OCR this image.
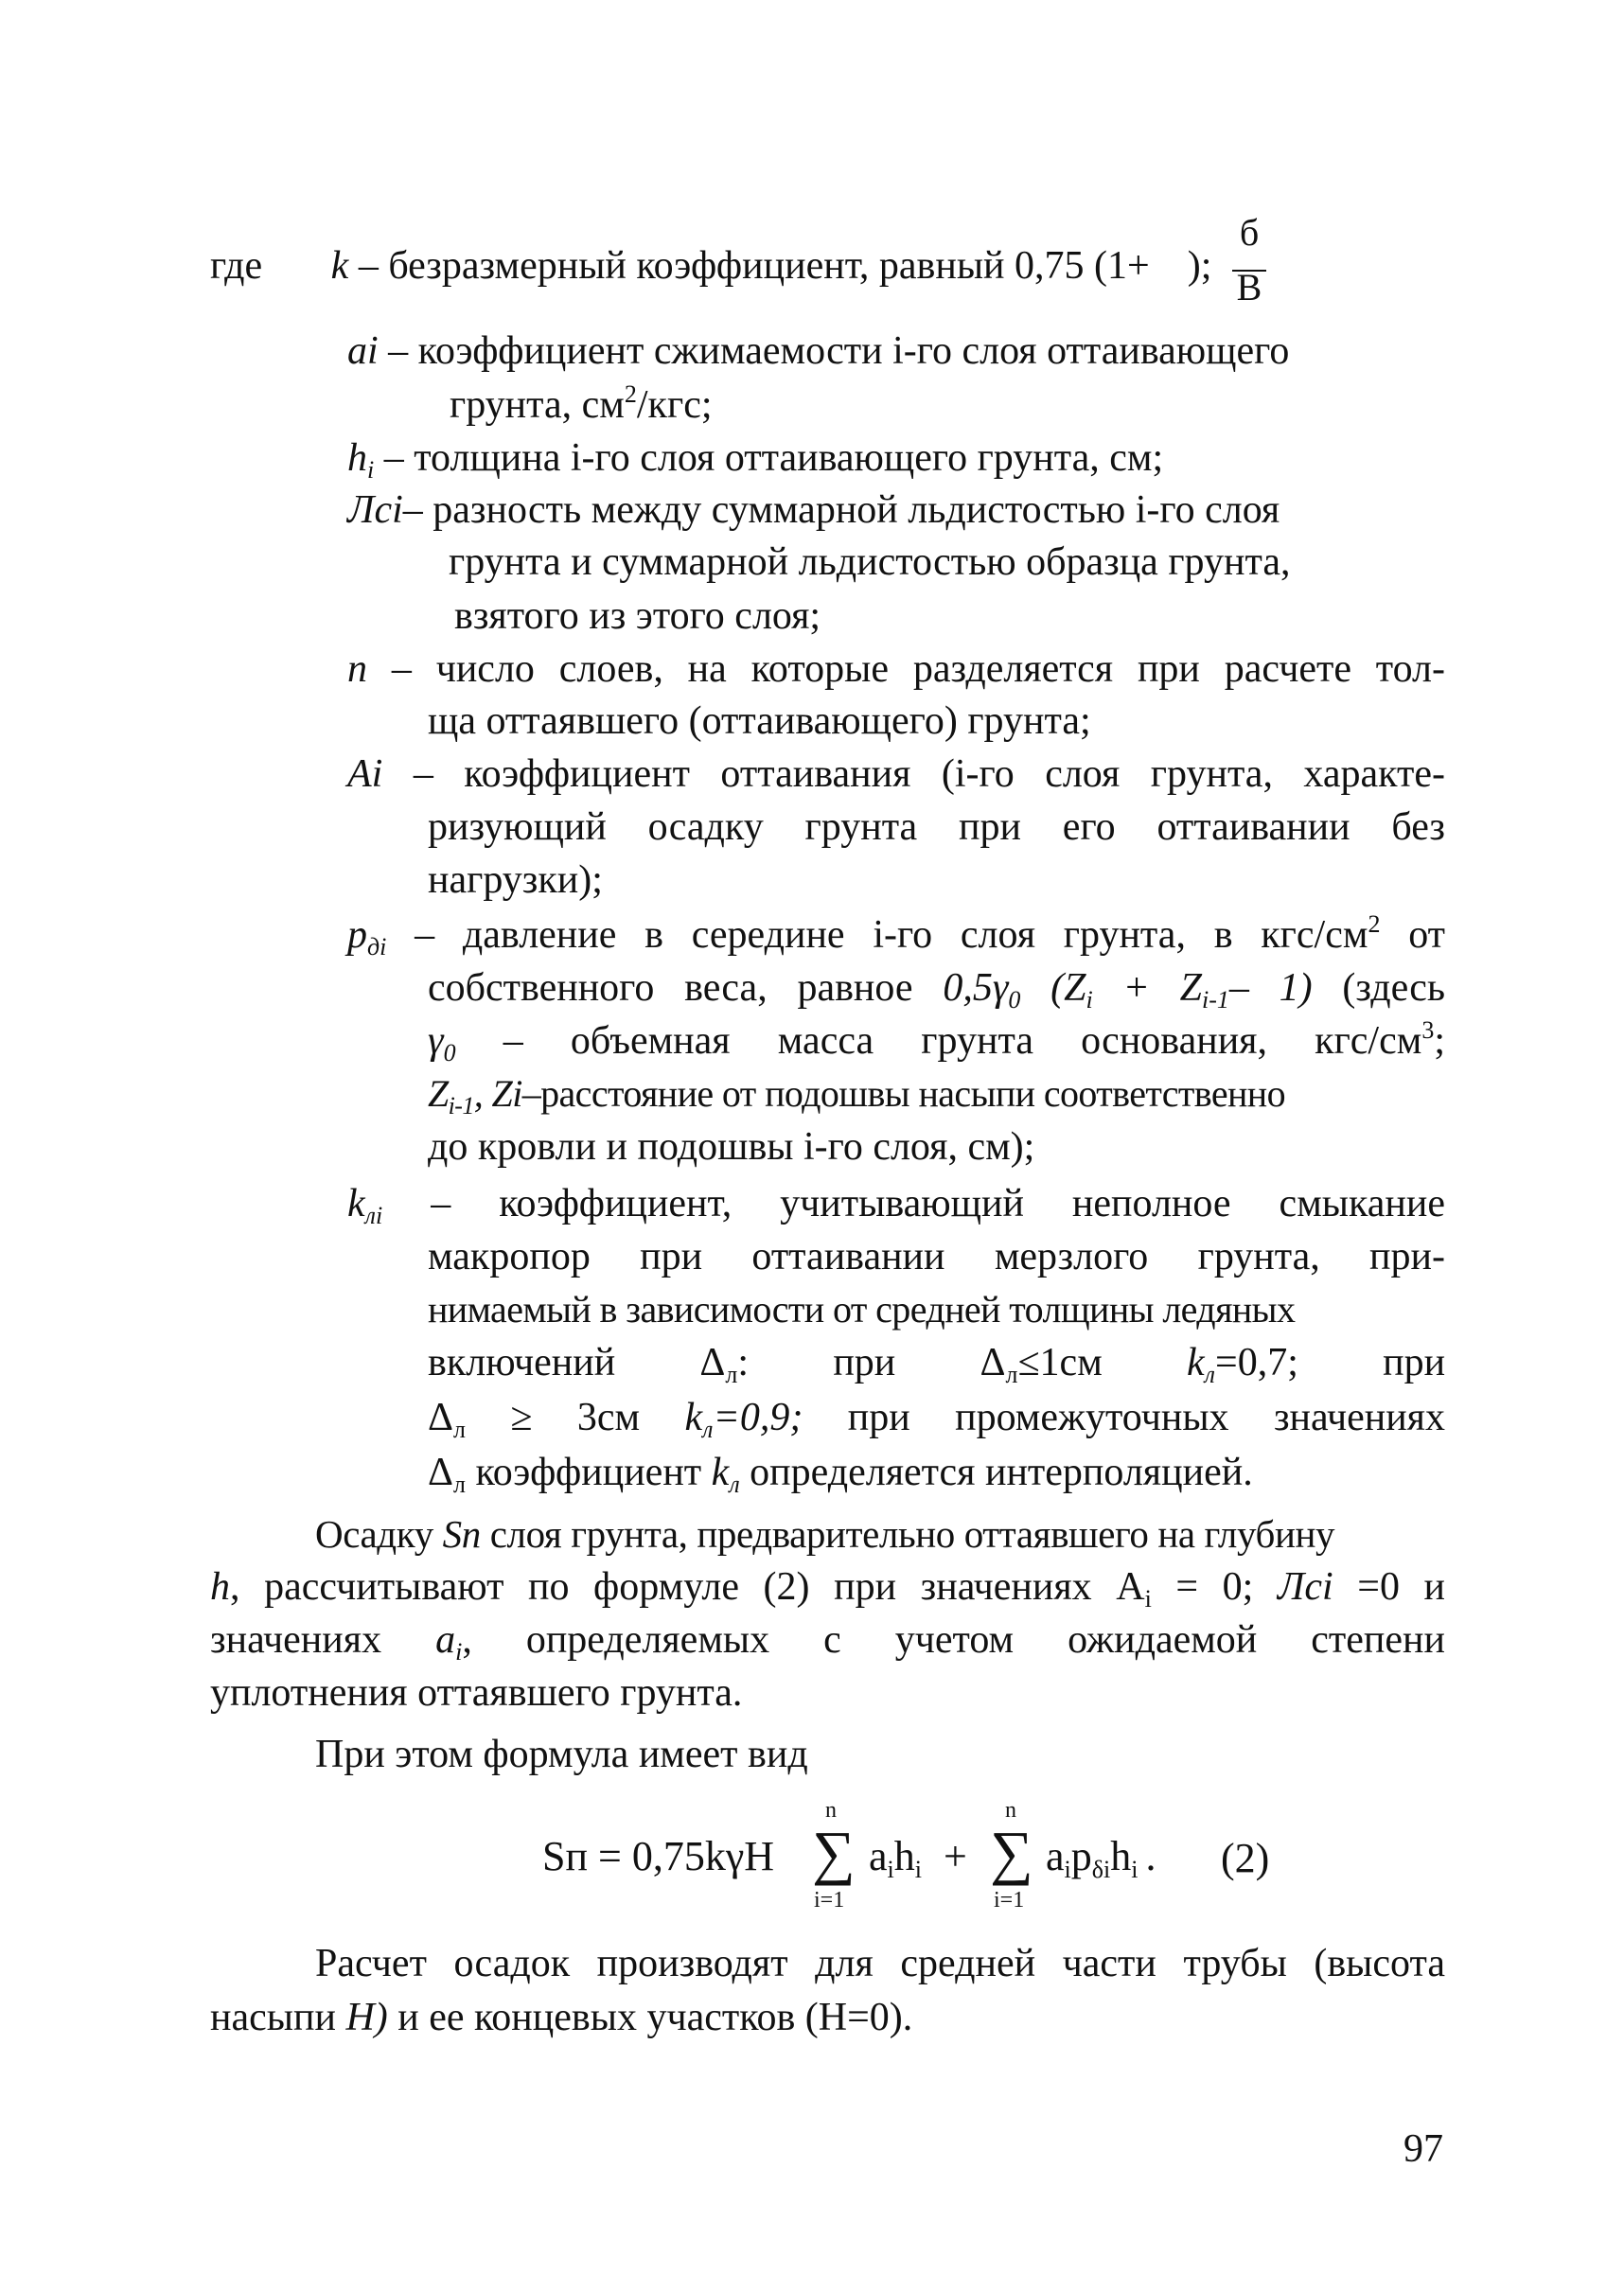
б
где k – безразмерный коэффициент, равный 0,75 (1+ ); В
ai – коэффициент сжимаемости i-го слоя оттаивающего
грунта, $см^2$/кгс;
$h_i$ – толщина i-го слоя оттаивающего грунта, см;
Лсi– разность между суммарной льдистостью i-го слоя
грунта и суммарной льдистостью образца грунта,
взятого из этого слоя;
n – число слоев, на которые разделяется при расчете тол-
ща оттаявшего (оттаивающего) грунта;
Аi – коэффициент оттаивания (i-го слоя грунта, характе-
ризующий осадку грунта при его оттаивании без
нагрузки);
$p_{дi}$ – давление в середине i-го слоя грунта, в кгс/$см^2$ от
собственного веса, равное $0,5\gamma_0$ ($Z_i + Z_{i-1}-$ 1) (здесь
$\gamma_0$ – объемная масса грунта основания, кгс/$см^3$;
$Z_{i-1}$, Zi–расстояние от подошвы насыпи соответственно
до кровли и подошвы i-го слоя, см);
$k_{лi}$ – коэффициент, учитывающий неполное смыкание
макропор при оттаивании мерзлого грунта, при-
нимаемый в зависимости от средней толщины ледяных
включений $\Delta_л$: при $\Delta_л\le 1см$ $k_л=0,7$; при
$\Delta_л \ge 3см$ $k_л=0,9$; при промежуточных значениях
$\Delta_л$ коэффициент $k_л$ определяется интерполяцией.
Осадку Sn слоя грунта, предварительно оттаявшего на глубину
h, рассчитывают по формуле (2) при значениях $А_i = 0$; Лсi =0 и
значениях $a_i$, определяемых с учетом ожидаемой степени
уплотнения оттаявшего грунта.
При этом формула имеет вид
Sп = 0,75kγH
n
∑
i=1
$a_ih_i$ +
n
∑
i=1
$a_ip_{\delta i}h_i$ . (2)
Расчет осадок производят для средней части трубы (высота
насыпи H) и ее концевых участков (H=0).
97
